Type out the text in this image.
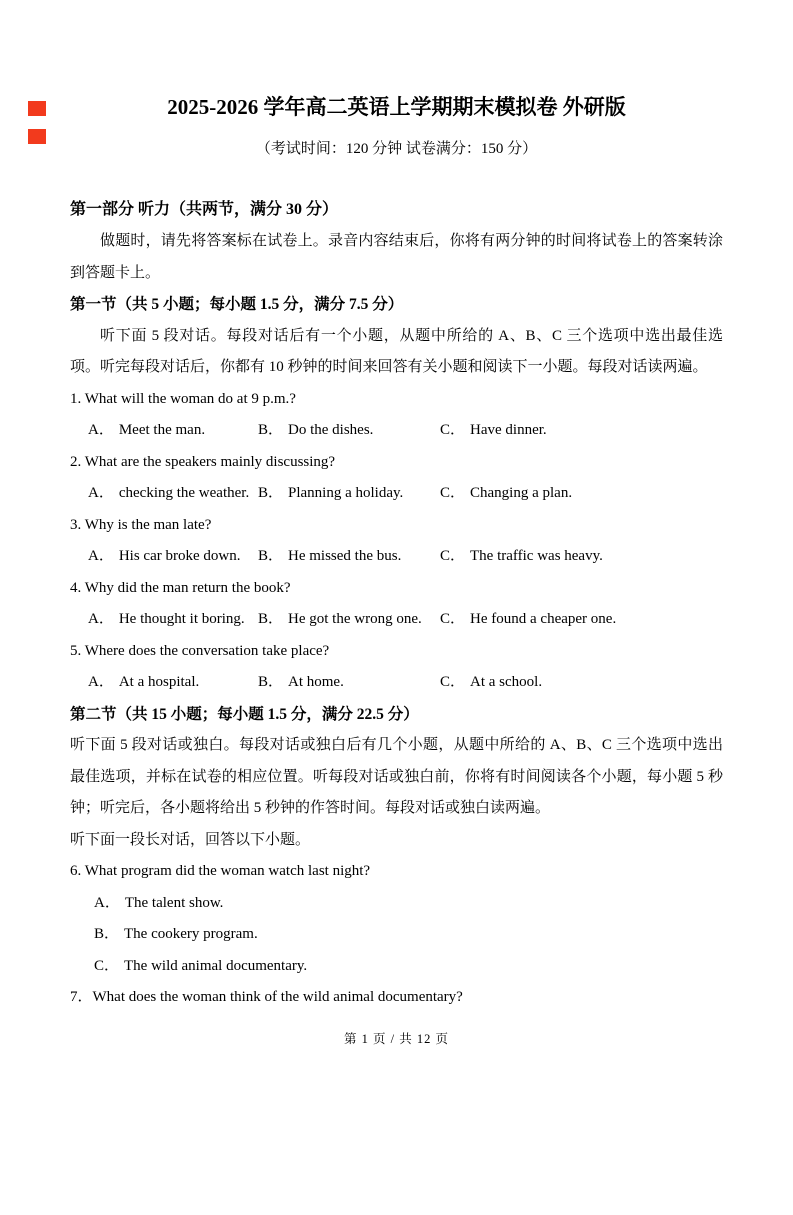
2025-2026 学年高二英语上学期期末模拟卷 外研版
（考试时间：120 分钟 试卷满分：150 分）
第一部分 听力（共两节，满分 30 分）
做题时，请先将答案标在试卷上。录音内容结束后，你将有两分钟的时间将试卷上的答案转涂到答题卡上。
第一节（共 5 小题；每小题 1.5 分，满分 7.5 分）
听下面 5 段对话。每段对话后有一个小题，从题中所给的 A、B、C 三个选项中选出最佳选项。听完每段对话后，你都有 10 秒钟的时间来回答有关小题和阅读下一小题。每段对话读两遍。
1. What will the woman do at 9 p.m.?
A． Meet the man.	B． Do the dishes.	C． Have dinner.
2. What are the speakers mainly discussing?
A． checking the weather. B． Planning a holiday.	C． Changing a plan.
3. Why is the man late?
A． His car broke down.	B． He missed the bus.	C． The traffic was heavy.
4. Why did the man return the book?
A． He thought it boring. B． He got the wrong one.	C． He found a cheaper one.
5. Where does the conversation take place?
A． At a hospital.	B． At home.	C． At a school.
第二节（共 15 小题；每小题 1.5 分，满分 22.5 分）
听下面 5 段对话或独白。每段对话或独白后有几个小题，从题中所给的 A、B、C 三个选项中选出最佳选项，并标在试卷的相应位置。听每段对话或独白前，你将有时间阅读各个小题，每小题 5 秒钟；听完后，各小题将给出 5 秒钟的作答时间。每段对话或独白读两遍。
听下面一段长对话，回答以下小题。
6. What program did the woman watch last night?
A． The talent show.
B． The cookery program.
C． The wild animal documentary.
7．What does the woman think of the wild animal documentary?
第 1 页 / 共 12 页
